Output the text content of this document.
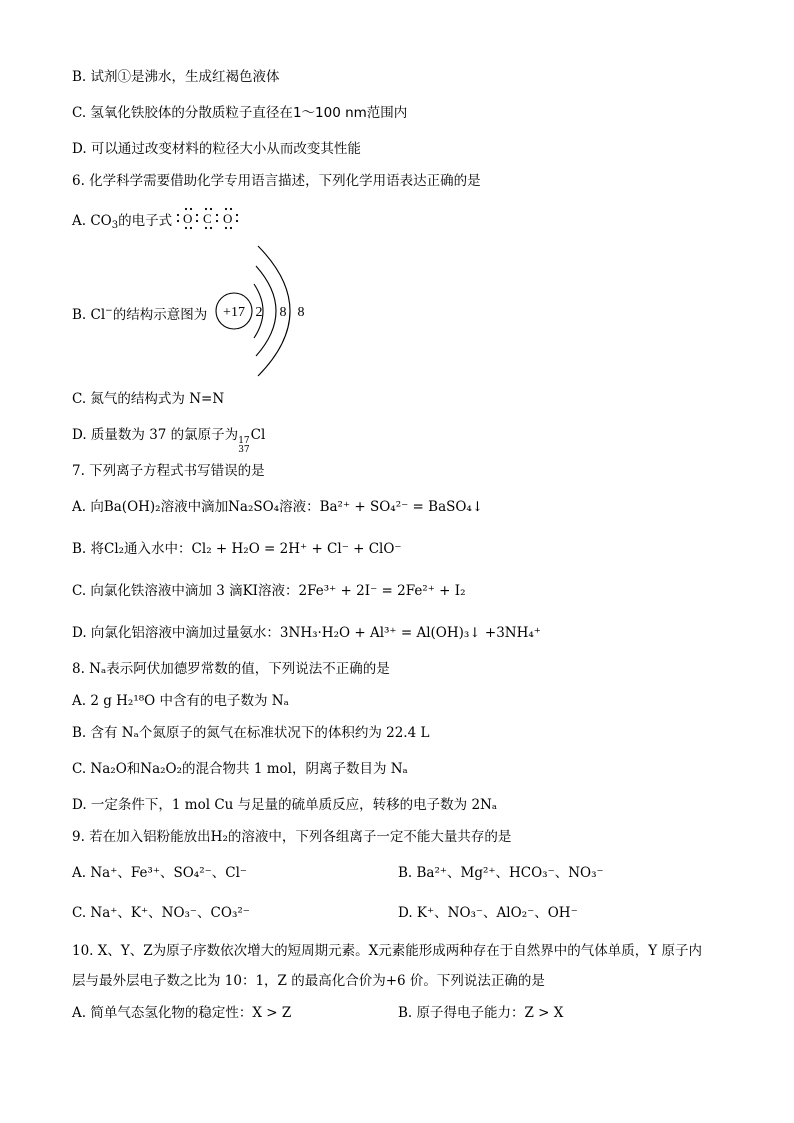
B. 试剂①是沸水，生成红褐色液体
C. 氢氧化铁胶体的分散质粒子直径在1～100 nm范围内
D. 可以通过改变材料的粒径大小从而改变其性能
6. 化学科学需要借助化学专用语言描述，下列化学用语表达正确的是
A. $CO_3$的电子式 O C O
B. Cl−的结构示意图为 +17 2 8 8
C. 氮气的结构式为 N=N
D. 质量数为 37 的氯原子为 17
37
Cl
7. 下列离子方程式书写错误的是
A. 向Ba(OH)₂溶液中滴加Na₂SO₄溶液：Ba²⁺ + SO₄²⁻ = BaSO₄↓
B. 将Cl₂通入水中：Cl₂ + H₂O = 2H⁺ + Cl⁻ + ClO⁻
C. 向氯化铁溶液中滴加 3 滴KI溶液：2Fe³⁺ + 2I⁻ = 2Fe²⁺ + I₂
D. 向氯化铝溶液中滴加过量氨水：3NH₃·H₂O + Al³⁺ = Al(OH)₃↓ +3NH₄⁺
8. Nₐ表示阿伏加德罗常数的值，下列说法不正确的是
A. 2 g H₂¹⁸O 中含有的电子数为 Nₐ
B. 含有 Nₐ个氮原子的氮气在标准状况下的体积约为 22.4 L
C. Na₂O和Na₂O₂的混合物共 1 mol，阴离子数目为 Nₐ
D. 一定条件下，1 mol Cu 与足量的硫单质反应，转移的电子数为 2Nₐ
9. 若在加入铝粉能放出H₂的溶液中，下列各组离子一定不能大量共存的是
A. Na⁺、Fe³⁺、SO₄²⁻、Cl⁻	B. Ba²⁺、Mg²⁺、HCO₃⁻、NO₃⁻
C. Na⁺、K⁺、NO₃⁻、CO₃²⁻	D. K⁺、NO₃⁻、AlO₂⁻、OH⁻
10. X、Y、Z为原子序数依次增大的短周期元素。X元素能形成两种存在于自然界中的气体单质，Y 原子内
层与最外层电子数之比为 10：1，Z 的最高化合价为+6 价。下列说法正确的是
A. 简单气态氢化物的稳定性：X > Z	B. 原子得电子能力：Z > X
